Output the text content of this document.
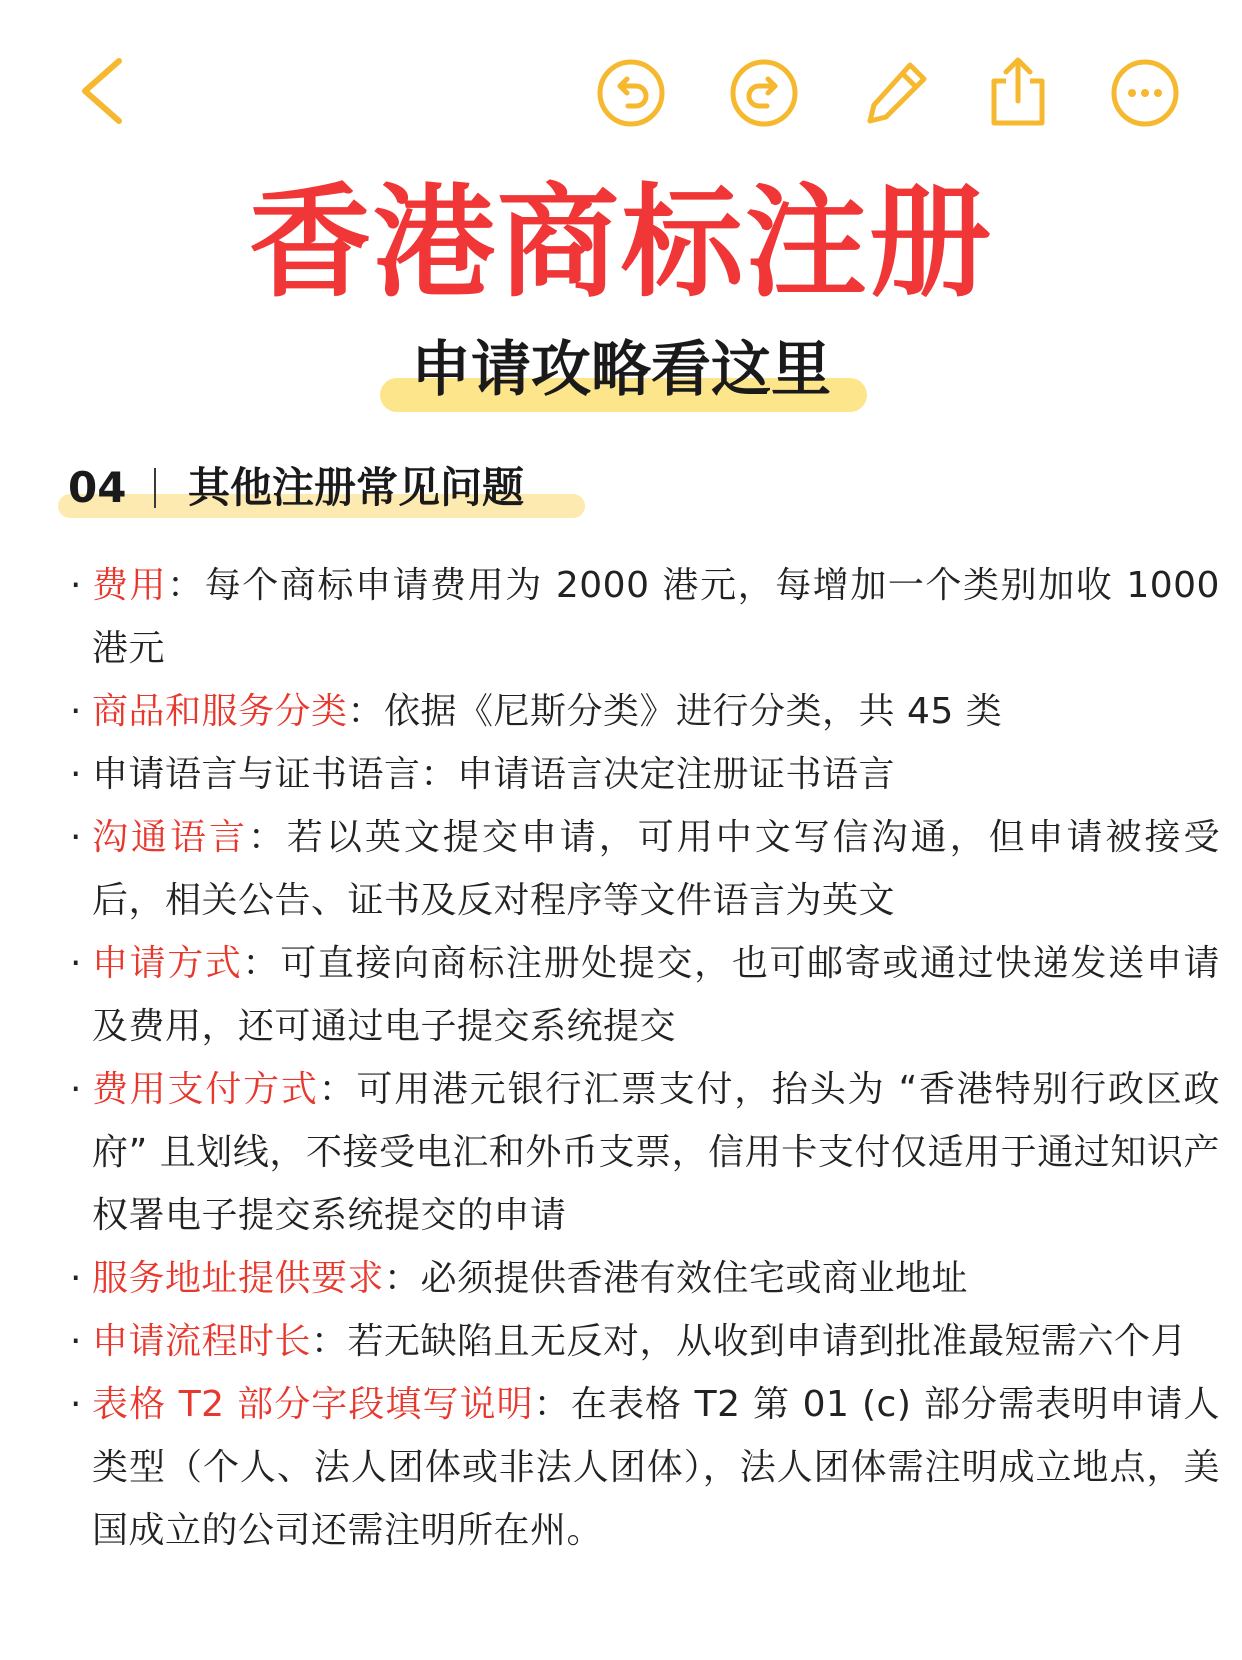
香港商标注册
申请攻略看这里
04 其他注册常见问题
· 费用：每个商标申请费用为 2000 港元，每增加一个类别加收 1000 港元
· 商品和服务分类：依据《尼斯分类》进行分类，共 45 类
· 申请语言与证书语言：申请语言决定注册证书语言
· 沟通语言：若以英文提交申请，可用中文写信沟通，但申请被接受后，相关公告、证书及反对程序等文件语言为英文
· 申请方式：可直接向商标注册处提交，也可邮寄或通过快递发送申请及费用，还可通过电子提交系统提交
· 费用支付方式：可用港元银行汇票支付，抬头为 “香港特别行政区政府” 且划线，不接受电汇和外币支票，信用卡支付仅适用于通过知识产权署电子提交系统提交的申请
· 服务地址提供要求：必须提供香港有效住宅或商业地址
· 申请流程时长：若无缺陷且无反对，从收到申请到批准最短需六个月
· 表格 T2 部分字段填写说明：在表格 T2 第 01 (c) 部分需表明申请人类型（个人、法人团体或非法人团体），法人团体需注明成立地点，美国成立的公司还需注明所在州。
